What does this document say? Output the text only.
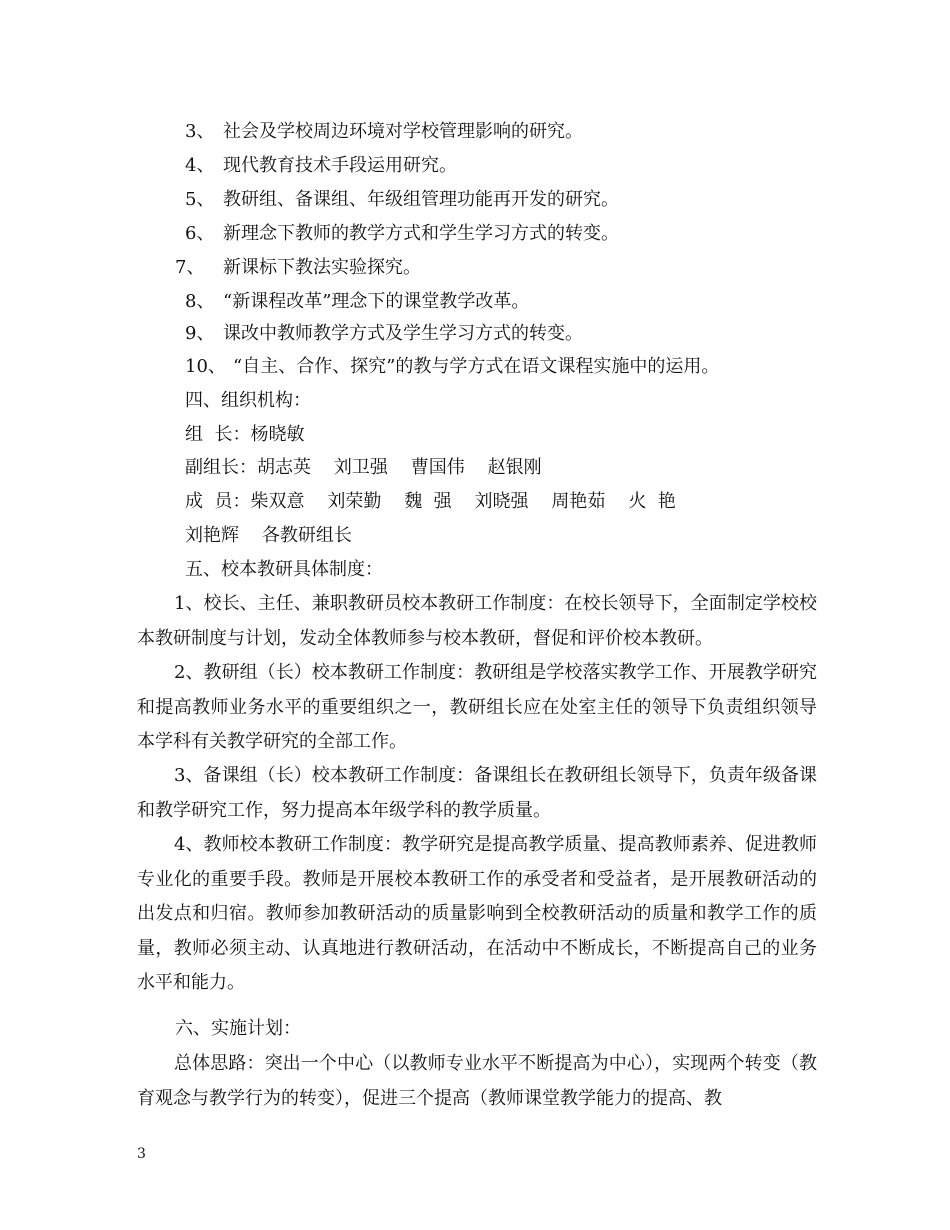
3、 社会及学校周边环境对学校管理影响的研究。
4、 现代教育技术手段运用研究。
5、 教研组、备课组、年级组管理功能再开发的研究。
6、 新理念下教师的教学方式和学生学习方式的转变。
7、 新课标下教法实验探究。
8、 “新课程改革”理念下的课堂教学改革。
9、 课改中教师教学方式及学生学习方式的转变。
10、 “自主、合作、探究”的教与学方式在语文课程实施中的运用。
四、组织机构：
组  长：杨晓敏
副组长：胡志英    刘卫强    曹国伟    赵银刚
成  员：柴双意    刘荣勤    魏  强    刘晓强    周艳茹    火  艳
刘艳辉    各教研组长
五、校本教研具体制度：
1、校长、主任、兼职教研员校本教研工作制度：在校长领导下，全面制定学校校本教研制度与计划，发动全体教师参与校本教研，督促和评价校本教研。
2、教研组（长）校本教研工作制度：教研组是学校落实教学工作、开展教学研究和提高教师业务水平的重要组织之一，教研组长应在处室主任的领导下负责组织领导本学科有关教学研究的全部工作。
3、备课组（长）校本教研工作制度：备课组长在教研组长领导下，负责年级备课和教学研究工作，努力提高本年级学科的教学质量。
4、教师校本教研工作制度：教学研究是提高教学质量、提高教师素养、促进教师专业化的重要手段。教师是开展校本教研工作的承受者和受益者，是开展教研活动的出发点和归宿。教师参加教研活动的质量影响到全校教研活动的质量和教学工作的质量，教师必须主动、认真地进行教研活动，在活动中不断成长，不断提高自己的业务水平和能力。
六、实施计划：
总体思路：突出一个中心（以教师专业水平不断提高为中心），实现两个转变（教育观念与教学行为的转变），促进三个提高（教师课堂教学能力的提高、教
3
